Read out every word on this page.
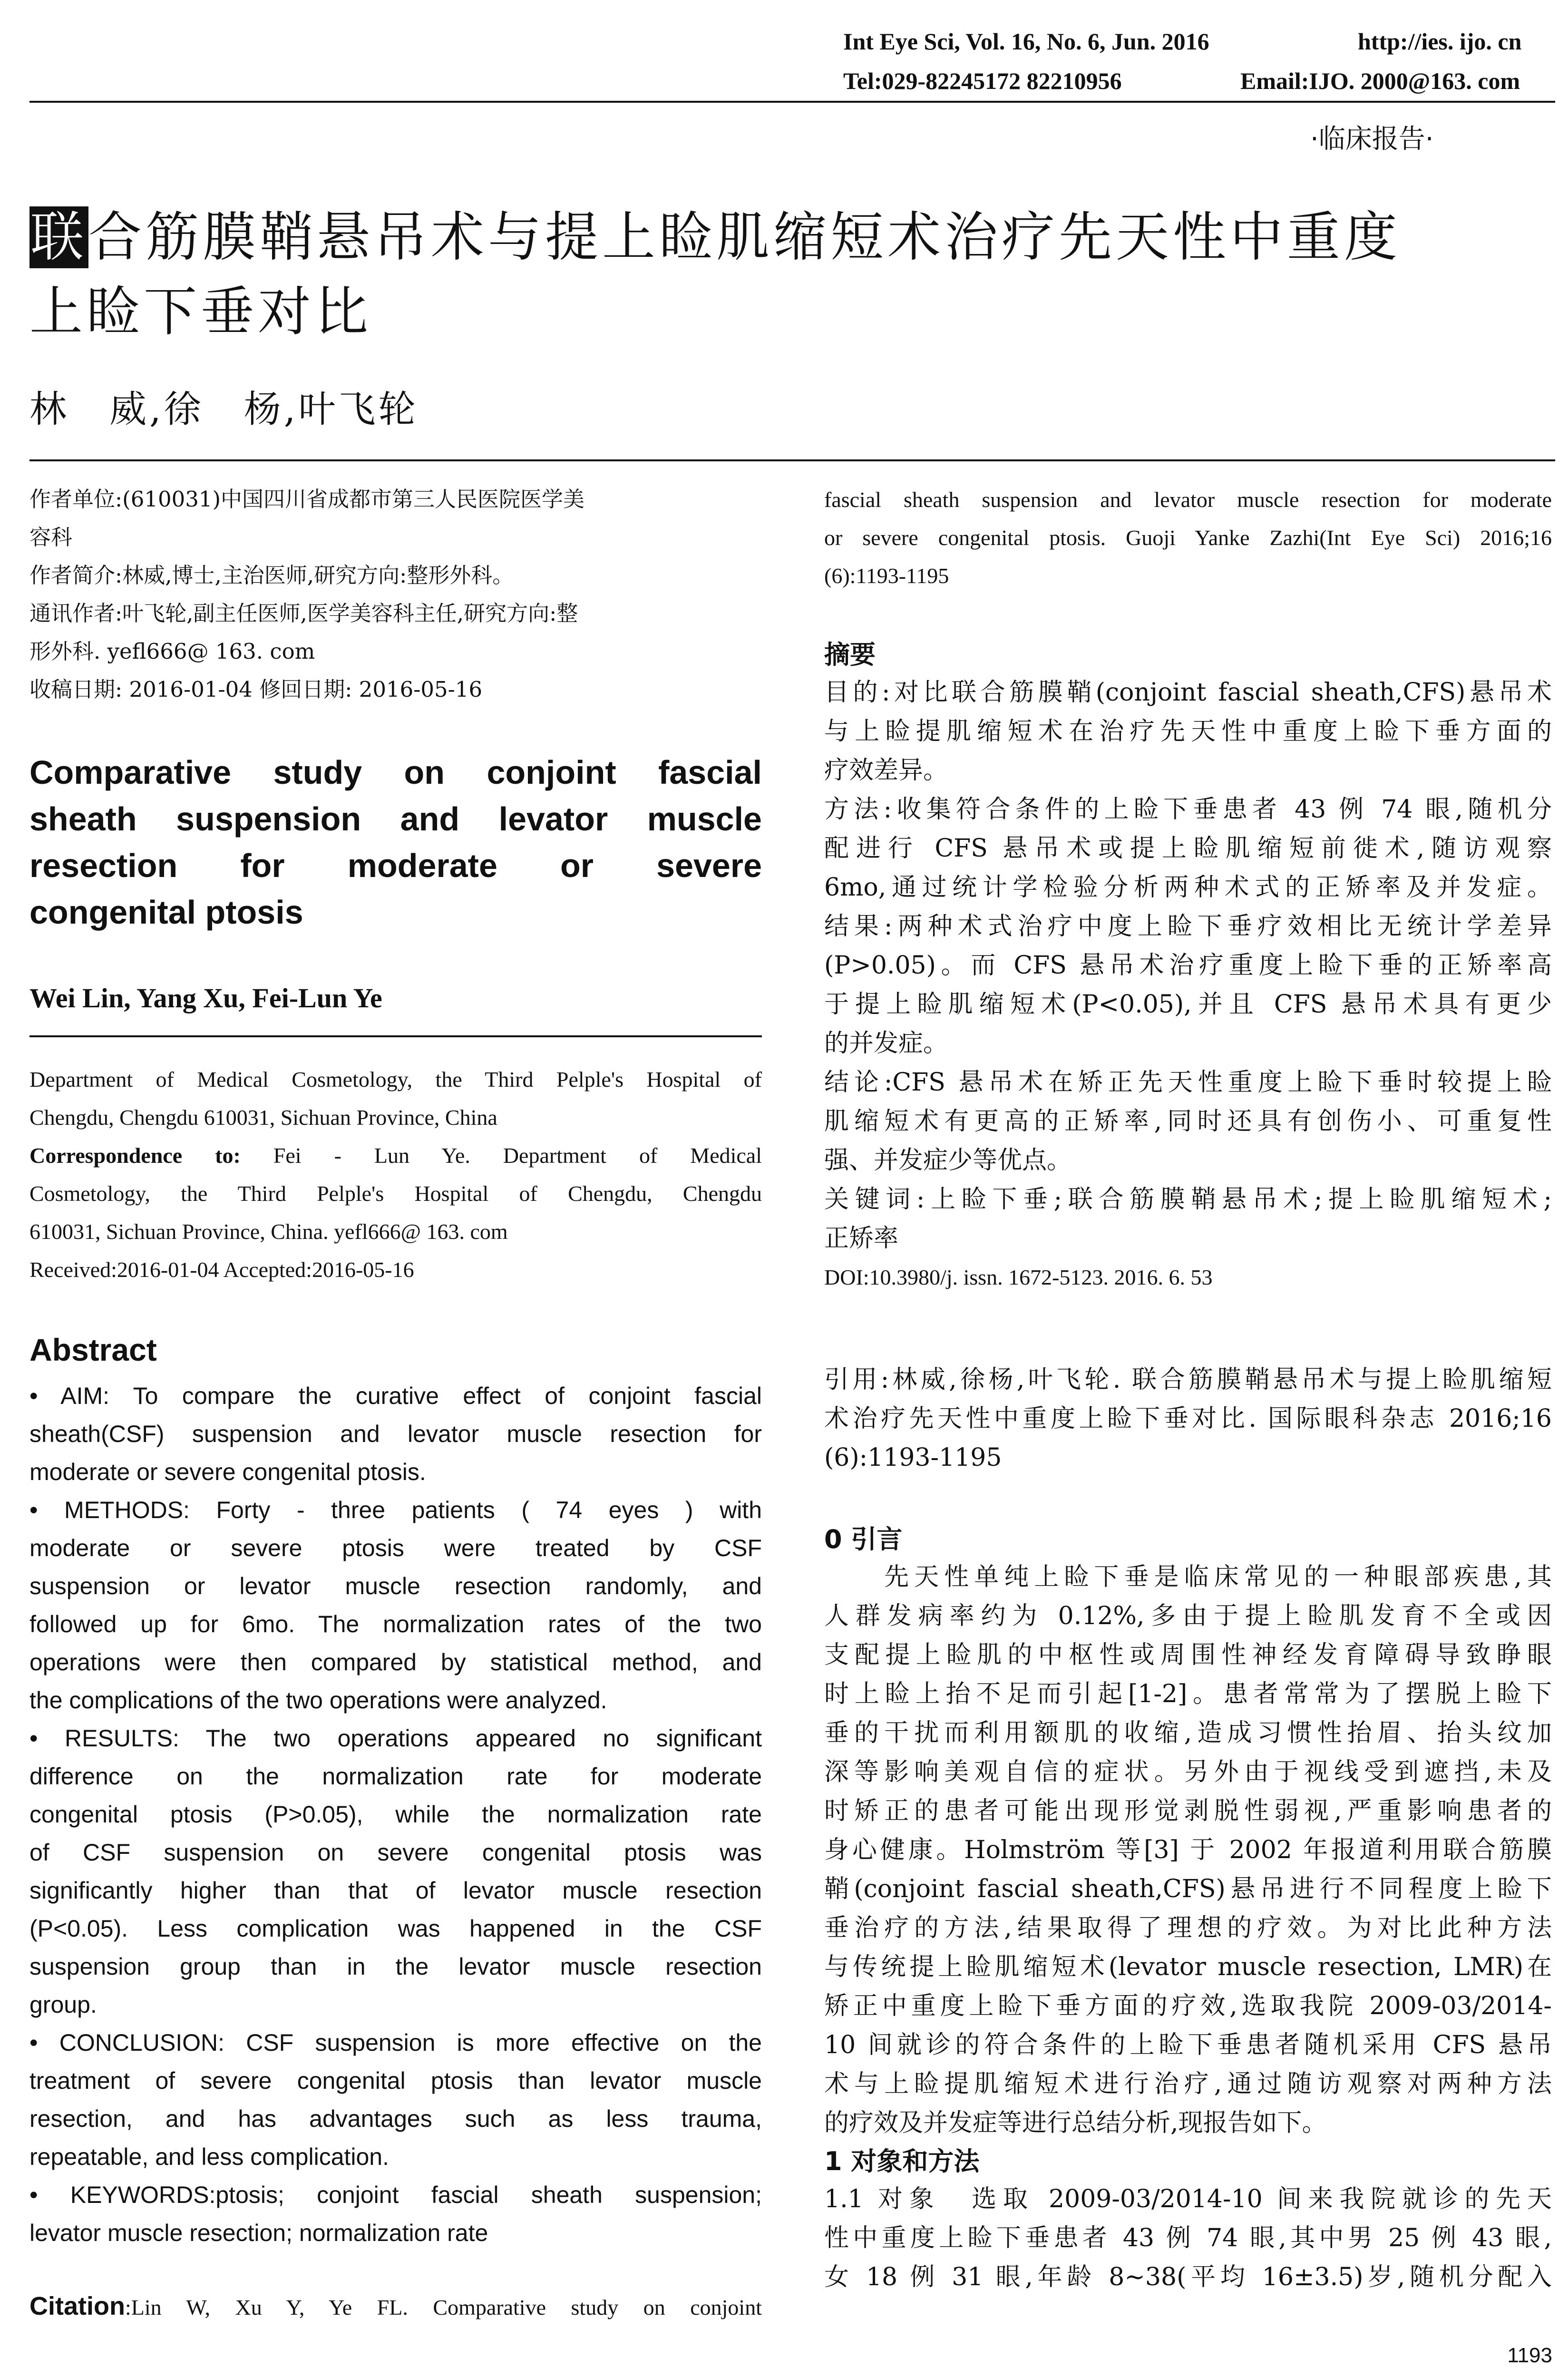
Int Eye Sci, Vol. 16, No. 6, Jun. 2016	http://ies. ijo. cn
Tel:029-82245172 82210956	Email:IJO. 2000@163. com
·临床报告·
联合筋膜鞘悬吊术与提上睑肌缩短术治疗先天性中重度
上睑下垂对比
林　威,徐　杨,叶飞轮
作者单位:(610031)中国四川省成都市第三人民医院医学美
容科
作者简介:林威,博士,主治医师,研究方向:整形外科。
通讯作者:叶飞轮,副主任医师,医学美容科主任,研究方向:整
形外科. yefl666@ 163. com
收稿日期: 2016-01-04 修回日期: 2016-05-16
Comparative study on conjoint fascial
sheath suspension and levator muscle
resection for moderate or severe
congenital ptosis
Wei Lin, Yang Xu, Fei-Lun Ye
Department of Medical Cosmetology, the Third Pelple's Hospital of
Chengdu, Chengdu 610031, Sichuan Province, China
Correspondence to: Fei - Lun Ye. Department of Medical
Cosmetology, the Third Pelple's Hospital of Chengdu, Chengdu
610031, Sichuan Province, China. yefl666@ 163. com
Received:2016-01-04 Accepted:2016-05-16
Abstract
• AIM: To compare the curative effect of conjoint fascial
sheath(CSF) suspension and levator muscle resection for
moderate or severe congenital ptosis.
• METHODS: Forty - three patients ( 74 eyes ) with
moderate or severe ptosis were treated by CSF
suspension or levator muscle resection randomly, and
followed up for 6mo. The normalization rates of the two
operations were then compared by statistical method, and
the complications of the two operations were analyzed.
• RESULTS: The two operations appeared no significant
difference on the normalization rate for moderate
congenital ptosis (P>0.05), while the normalization rate
of CSF suspension on severe congenital ptosis was
significantly higher than that of levator muscle resection
(P<0.05). Less complication was happened in the CSF
suspension group than in the levator muscle resection
group.
• CONCLUSION: CSF suspension is more effective on the
treatment of severe congenital ptosis than levator muscle
resection, and has advantages such as less trauma,
repeatable, and less complication.
• KEYWORDS:ptosis; conjoint fascial sheath suspension;
levator muscle resection; normalization rate
Citation:Lin W, Xu Y, Ye FL. Comparative study on conjoint
fascial sheath suspension and levator muscle resection for moderate
or severe congenital ptosis. Guoji Yanke Zazhi(Int Eye Sci) 2016;16
(6):1193-1195
摘要
目的:对比联合筋膜鞘(conjoint fascial sheath,CFS)悬吊术
与上睑提肌缩短术在治疗先天性中重度上睑下垂方面的
疗效差异。
方法:收集符合条件的上睑下垂患者 43 例 74 眼,随机分
配进行 CFS 悬吊术或提上睑肌缩短前徙术,随访观察
6mo,通过统计学检验分析两种术式的正矫率及并发症。
结果:两种术式治疗中度上睑下垂疗效相比无统计学差异
(P>0.05)。而 CFS 悬吊术治疗重度上睑下垂的正矫率高
于提上睑肌缩短术(P<0.05),并且 CFS 悬吊术具有更少
的并发症。
结论:CFS 悬吊术在矫正先天性重度上睑下垂时较提上睑
肌缩短术有更高的正矫率,同时还具有创伤小、可重复性
强、并发症少等优点。
关键词:上睑下垂;联合筋膜鞘悬吊术;提上睑肌缩短术;
正矫率
DOI:10.3980/j. issn. 1672-5123. 2016. 6. 53
引用:林威,徐杨,叶飞轮. 联合筋膜鞘悬吊术与提上睑肌缩短
术治疗先天性中重度上睑下垂对比. 国际眼科杂志 2016;16
(6):1193-1195
0 引言
　　先天性单纯上睑下垂是临床常见的一种眼部疾患,其
人群发病率约为 0.12%,多由于提上睑肌发育不全或因
支配提上睑肌的中枢性或周围性神经发育障碍导致睁眼
时上睑上抬不足而引起[1-2]。患者常常为了摆脱上睑下
垂的干扰而利用额肌的收缩,造成习惯性抬眉、抬头纹加
深等影响美观自信的症状。另外由于视线受到遮挡,未及
时矫正的患者可能出现形觉剥脱性弱视,严重影响患者的
身心健康。Holmström 等[3] 于 2002 年报道利用联合筋膜
鞘(conjoint fascial sheath,CFS)悬吊进行不同程度上睑下
垂治疗的方法,结果取得了理想的疗效。为对比此种方法
与传统提上睑肌缩短术(levator muscle resection, LMR)在
矫正中重度上睑下垂方面的疗效,选取我院 2009-03/2014-
10 间就诊的符合条件的上睑下垂患者随机采用 CFS 悬吊
术与上睑提肌缩短术进行治疗,通过随访观察对两种方法
的疗效及并发症等进行总结分析,现报告如下。
1 对象和方法
1.1 对象　选取 2009-03/2014-10 间来我院就诊的先天
性中重度上睑下垂患者 43 例 74 眼,其中男 25 例 43 眼,
女 18 例 31 眼,年龄 8~38(平均 16±3.5)岁,随机分配入
1193
